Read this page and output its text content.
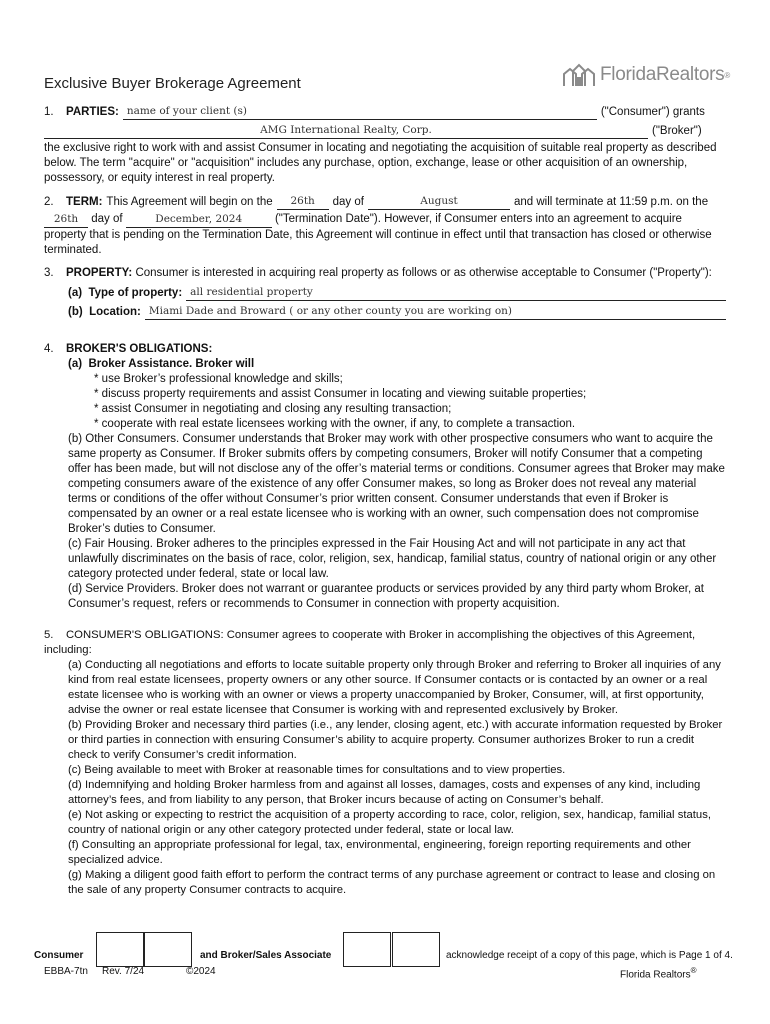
Exclusive Buyer Brokerage Agreement	FloridaRealtors ®
1.	PARTIES: name of your client (s)	("Consumer") grants
AMG International Realty, Corp.	("Broker")

the exclusive right to work with and assist Consumer in locating and negotiating the acquisition of suitable real property as described below. The term "acquire" or "acquisition" includes any purchase, option, exchange, lease or other acquisition of an ownership, possessory, or equity interest in real property.

2.	TERM: This Agreement will begin on the	26th	day of	August	and will terminate at 11:59 p.m. on the

26th day of	December, 2024	("Termination Date"). However, if Consumer enters into an agreement to acquire property that is pending on the Termination Date, this Agreement will continue in effect until that transaction has closed or otherwise terminated.

3. PROPERTY: Consumer is interested in acquiring real property as follows or as otherwise acceptable to Consumer ("Property"):

(a)  Type of property: all residential property
(b)  Location: Miami Dade and Broward ( or any other county you are working on)

4. BROKER'S OBLIGATIONS:

(a)  Broker Assistance. Broker will

* use Broker’s professional knowledge and skills;

* discuss property requirements and assist Consumer in locating and viewing suitable properties;

* assist Consumer in negotiating and closing any resulting transaction;

* cooperate with real estate licensees working with the owner, if any, to complete a transaction.

(b) Other Consumers. Consumer understands that Broker may work with other prospective consumers who want to acquire the same property as Consumer. If Broker submits offers by competing consumers, Broker will notify Consumer that a competing offer has been made, but will not disclose any of the offer’s material terms or conditions. Consumer agrees that Broker may make competing consumers aware of the existence of any offer Consumer makes, so long as Broker does not reveal any material terms or conditions of the offer without Consumer’s prior written consent. Consumer understands that even if Broker is compensated by an owner or a real estate licensee who is working with an owner, such compensation does not compromise Broker’s duties to Consumer.

(c) Fair Housing. Broker adheres to the principles expressed in the Fair Housing Act and will not participate in any act that unlawfully discriminates on the basis of race, color, religion, sex, handicap, familial status, country of national origin or any other category protected under federal, state or local law.

(d) Service Providers. Broker does not warrant or guarantee products or services provided by any third party whom Broker, at Consumer’s request, refers or recommends to Consumer in connection with property acquisition.

5. CONSUMER'S OBLIGATIONS: Consumer agrees to cooperate with Broker in accomplishing the objectives of this Agreement, including:

(a) Conducting all negotiations and efforts to locate suitable property only through Broker and referring to Broker all inquiries of any kind from real estate licensees, property owners or any other source. If Consumer contacts or is contacted by an owner or a real estate licensee who is working with an owner or views a property unaccompanied by Broker, Consumer, will, at first opportunity, advise the owner or real estate licensee that Consumer is working with and represented exclusively by Broker.

(b) Providing Broker and necessary third parties (i.e., any lender, closing agent, etc.) with accurate information requested by Broker or third parties in connection with ensuring Consumer’s ability to acquire property. Consumer authorizes Broker to run a credit check to verify Consumer’s credit information.

(c) Being available to meet with Broker at reasonable times for consultations and to view properties.

(d) Indemnifying and holding Broker harmless from and against all losses, damages, costs and expenses of any kind, including attorney’s fees, and from liability to any person, that Broker incurs because of acting on Consumer’s behalf.

(e) Not asking or expecting to restrict the acquisition of a property according to race, color, religion, sex, handicap, familial status, country of national origin or any other category protected under federal, state or local law.

(f) Consulting an appropriate professional for legal, tax, environmental, engineering, foreign reporting requirements and other specialized advice.

(g) Making a diligent good faith effort to perform the contract terms of any purchase agreement or contract to lease and closing on the sale of any property Consumer contracts to acquire.

Consumer	and Broker/Sales Associate	acknowledge receipt of a copy of this page, which is Page 1 of 4.
EBBA-7tn Rev. 7/24	©2024	Florida Realtors®
